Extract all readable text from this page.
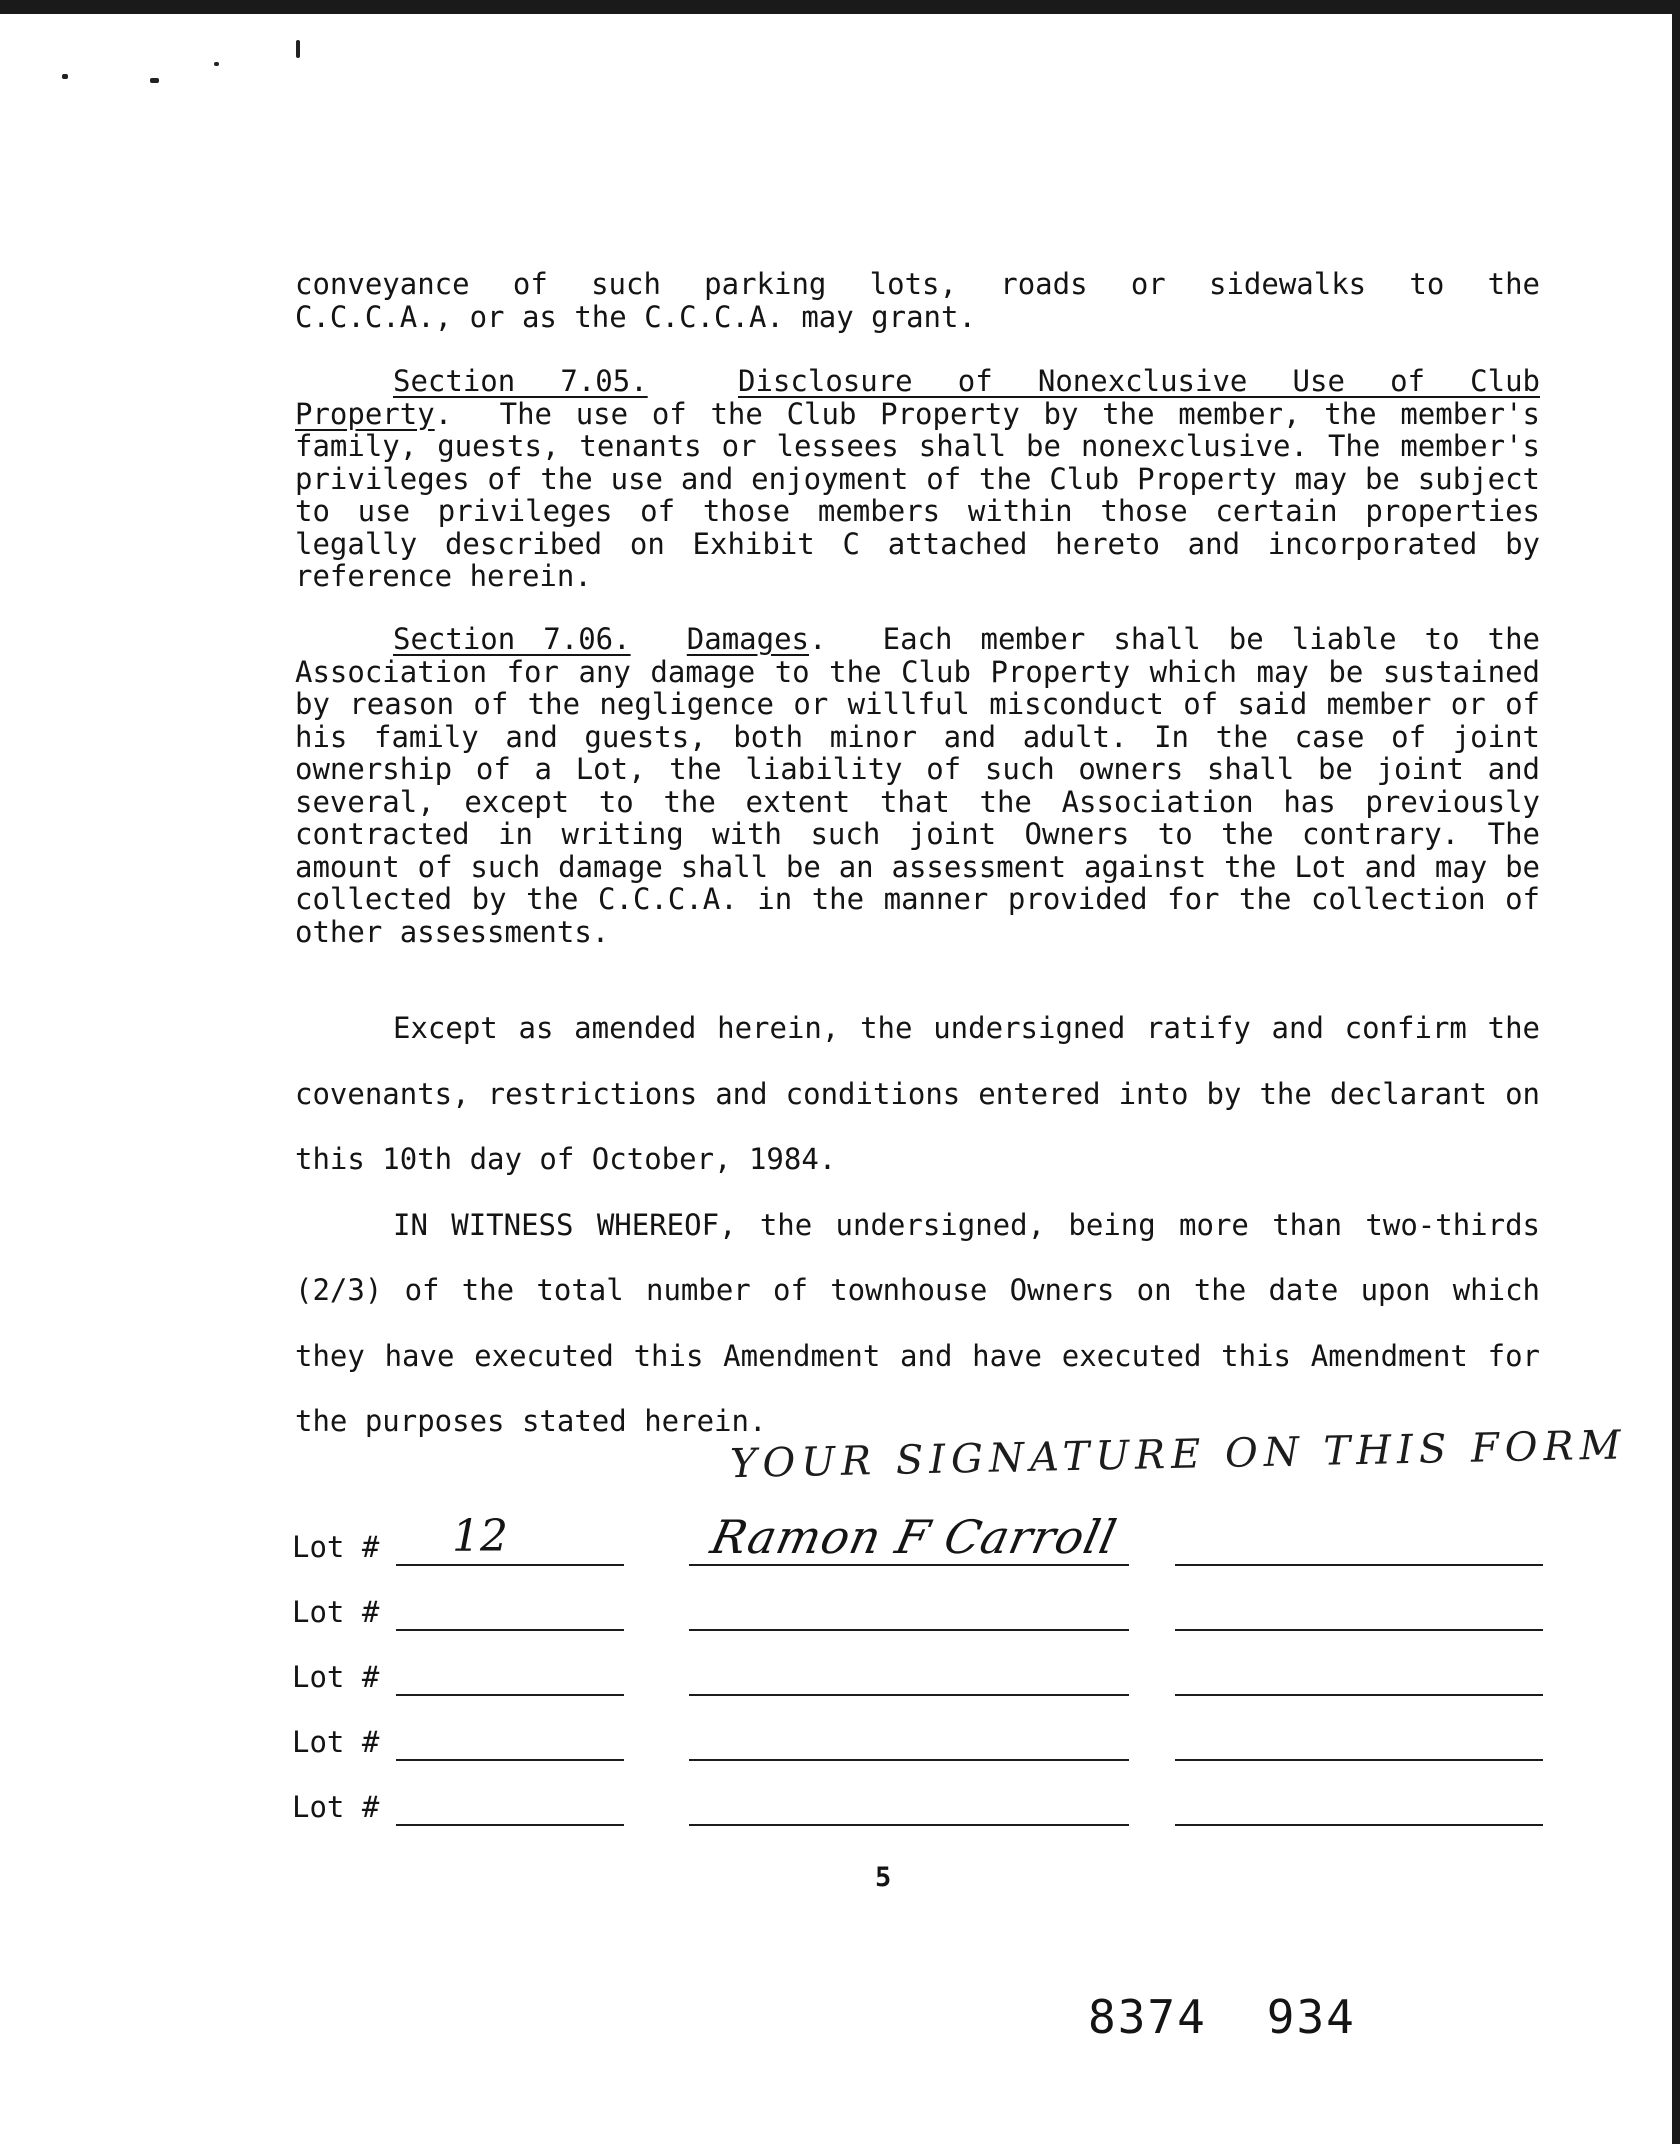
conveyance of such parking lots, roads or sidewalks to the
C.C.C.A., or as the C.C.C.A. may grant.
Section 7.05.	Disclosure of Nonexclusive Use of Club Property.  The use of the Club Property by the member, the member's family, guests, tenants or lessees shall be nonexclusive. The member's privileges of the use and enjoyment of the Club Property may be subject to use privileges of those members within those certain properties legally described on Exhibit C attached hereto and incorporated by reference herein.
Section 7.06. Damages.  Each member shall be liable to the Association for any damage to the Club Property which may be sustained by reason of the negligence or willful misconduct of said member or of his family and guests, both minor and adult. In the case of joint ownership of a Lot, the liability of such owners shall be joint and several, except to the extent that the Association has previously contracted in writing with such joint Owners to the contrary. The amount of such damage shall be an assessment against the Lot and may be collected by the C.C.C.A. in the manner provided for the collection of other assessments.

Except as amended herein, the undersigned ratify and confirm the covenants, restrictions and conditions entered into by the declarant on this 10th day of October, 1984.

IN WITNESS WHEREOF, the undersigned, being more than two-thirds (2/3) of the total number of townhouse Owners on the date upon which they have executed this Amendment and have executed this Amendment for the purposes stated herein.

YOUR SIGNATURE ON THIS FORM
Lot # 12	Ramon F Carroll
Lot #
Lot #
Lot #
Lot #
5
8374 934
